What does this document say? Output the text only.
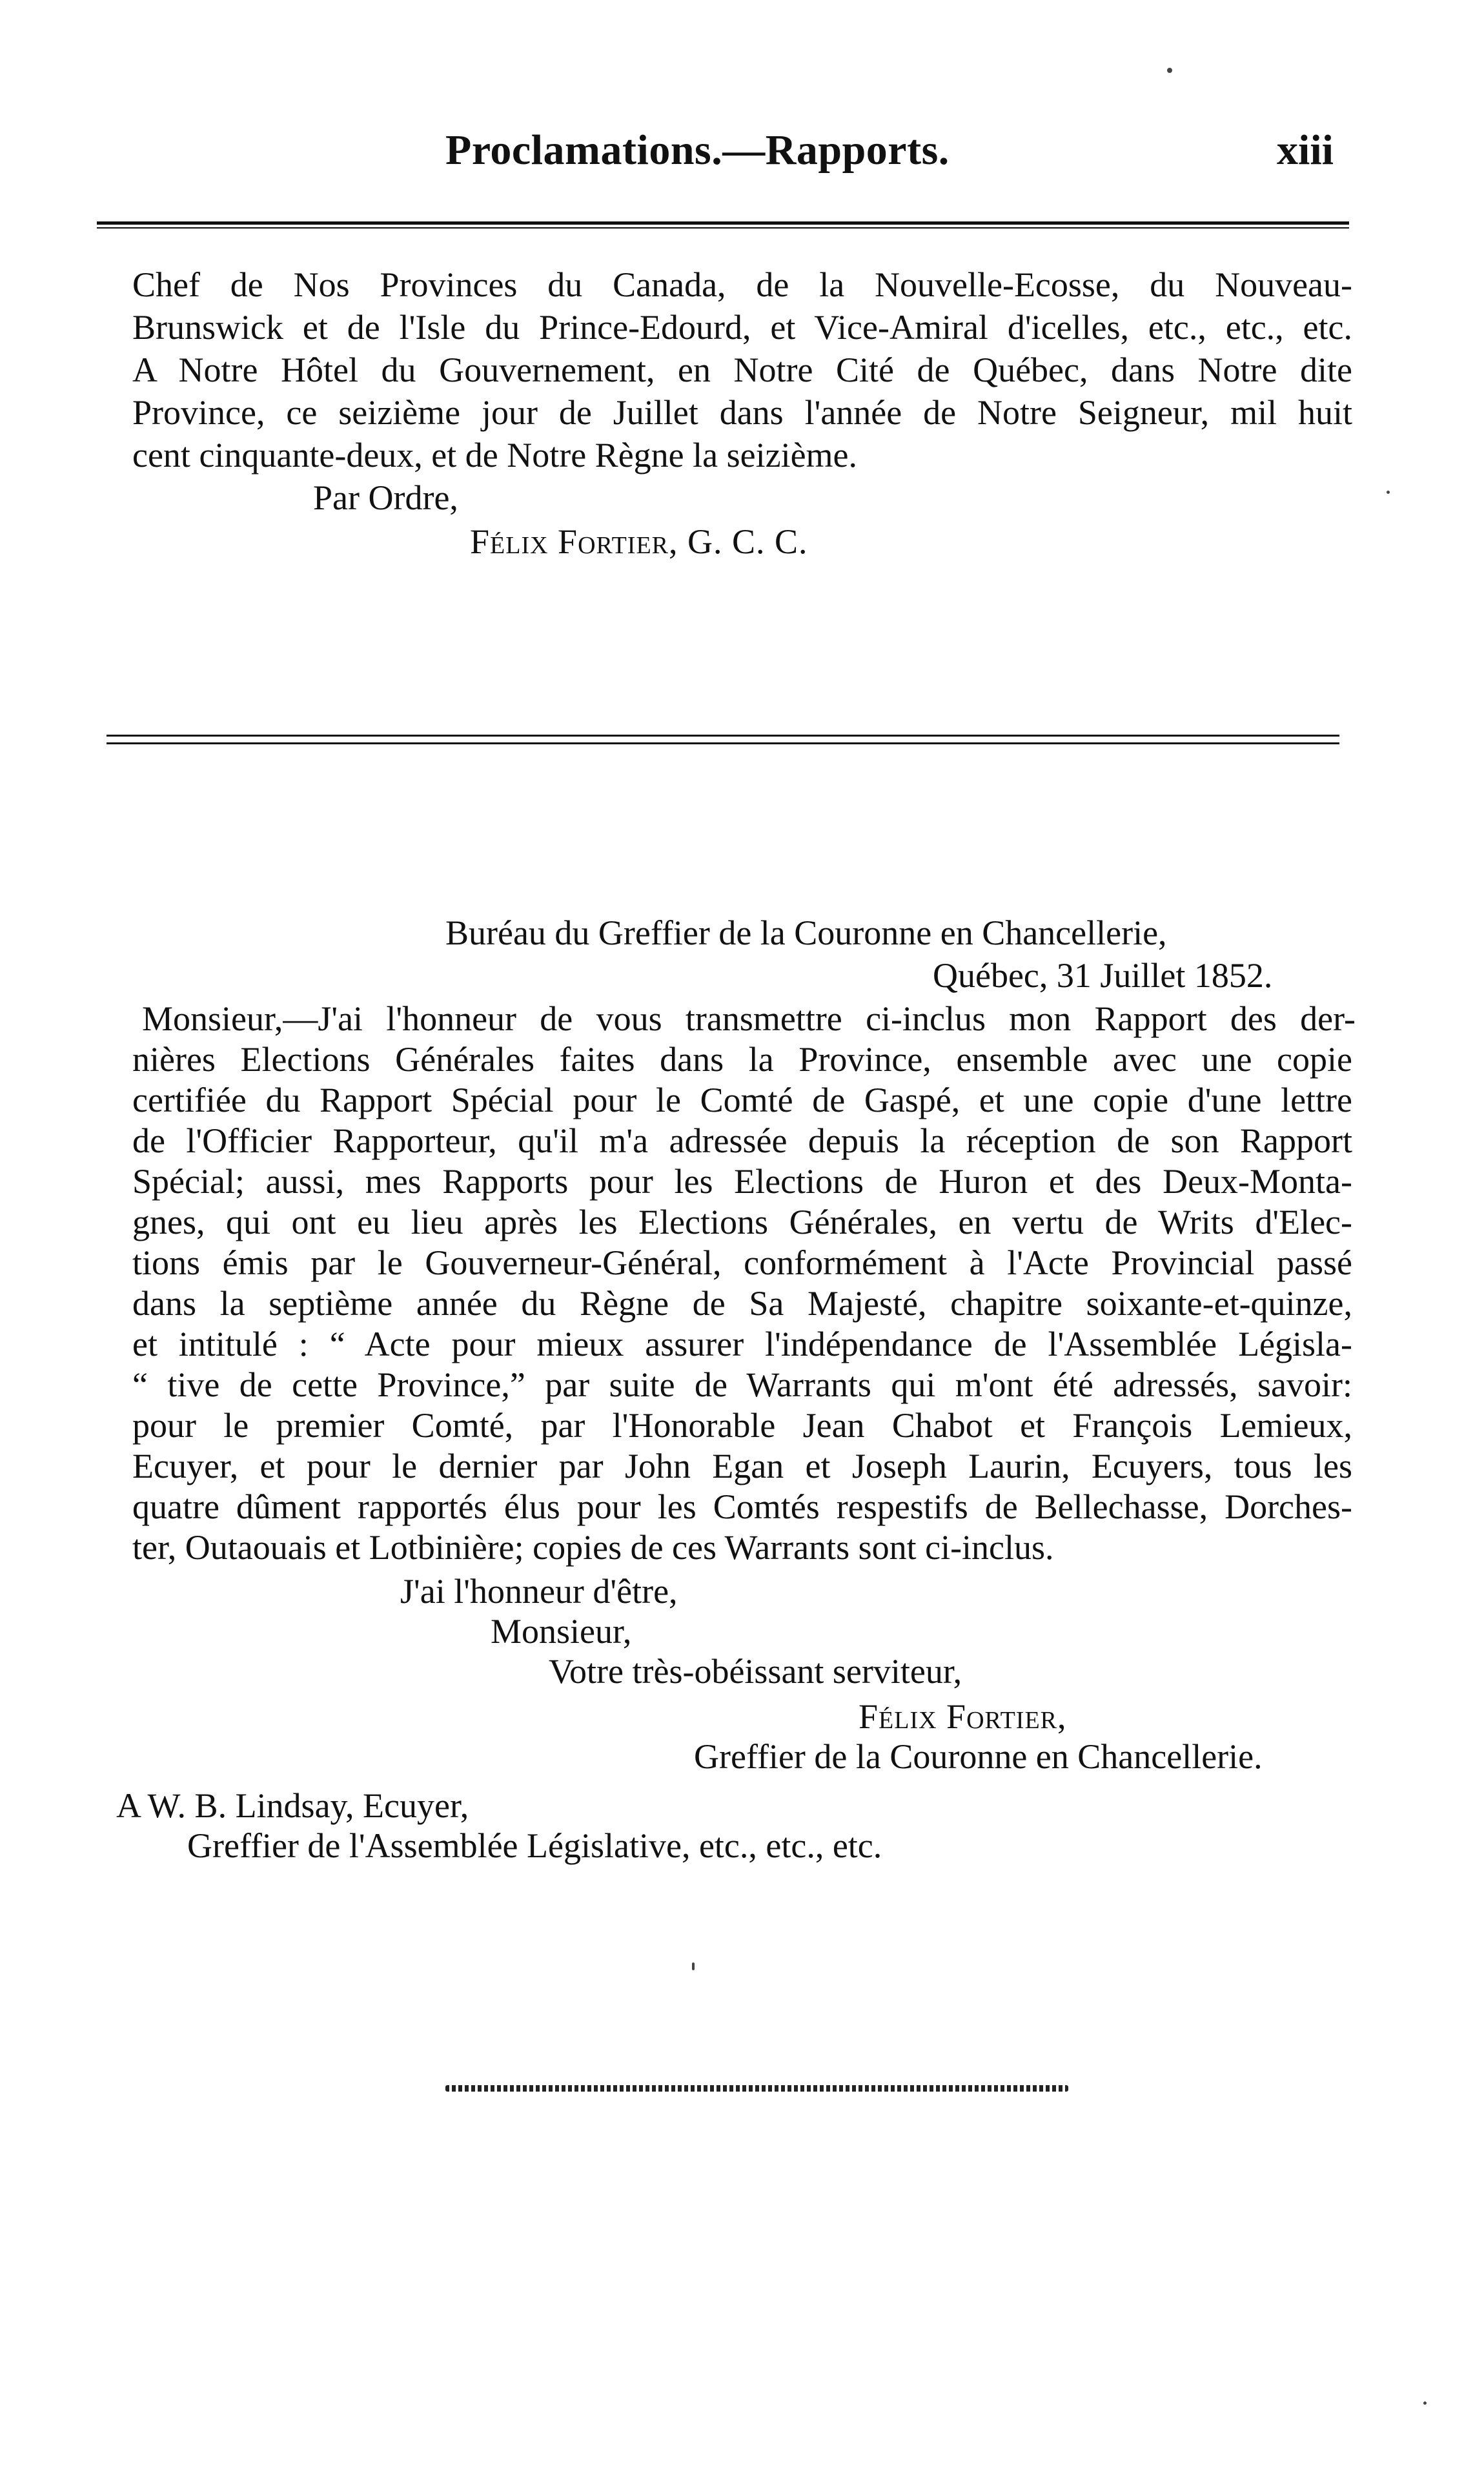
Proclamations.—Rapports.	xiii
Chef de Nos Provinces du Canada, de la Nouvelle-Ecosse, du Nouveau-
Brunswick et de l'Isle du Prince-Edourd, et Vice-Amiral d'icelles, etc., etc., etc.
A Notre Hôtel du Gouvernement, en Notre Cité de Québec, dans Notre dite
Province, ce seizième jour de Juillet dans l'année de Notre Seigneur, mil huit
cent cinquante-deux, et de Notre Règne la seizième.
Par Ordre,
Félix Fortier, G. C. C.
Buréau du Greffier de la Couronne en Chancellerie,
Québec, 31 Juillet 1852.
Monsieur,—J'ai l'honneur de vous transmettre ci-inclus mon Rapport des der-
nières Elections Générales faites dans la Province, ensemble avec une copie
certifiée du Rapport Spécial pour le Comté de Gaspé, et une copie d'une lettre
de l'Officier Rapporteur, qu'il m'a adressée depuis la réception de son Rapport
Spécial; aussi, mes Rapports pour les Elections de Huron et des Deux-Monta-
gnes, qui ont eu lieu après les Elections Générales, en vertu de Writs d'Elec-
tions émis par le Gouverneur-Général, conformément à l'Acte Provincial passé
dans la septième année du Règne de Sa Majesté, chapitre soixante-et-quinze,
et intitulé : “ Acte pour mieux assurer l'indépendance de l'Assemblée Législa-
“ tive de cette Province,” par suite de Warrants qui m'ont été adressés, savoir:
pour le premier Comté, par l'Honorable Jean Chabot et François Lemieux,
Ecuyer, et pour le dernier par John Egan et Joseph Laurin, Ecuyers, tous les
quatre dûment rapportés élus pour les Comtés respestifs de Bellechasse, Dorches-
ter, Outaouais et Lotbinière; copies de ces Warrants sont ci-inclus.
J'ai l'honneur d'être,
Monsieur,
Votre très-obéissant serviteur,
Félix Fortier,
Greffier de la Couronne en Chancellerie.
A W. B. Lindsay, Ecuyer,
Greffier de l'Assemblée Législative, etc., etc., etc.
